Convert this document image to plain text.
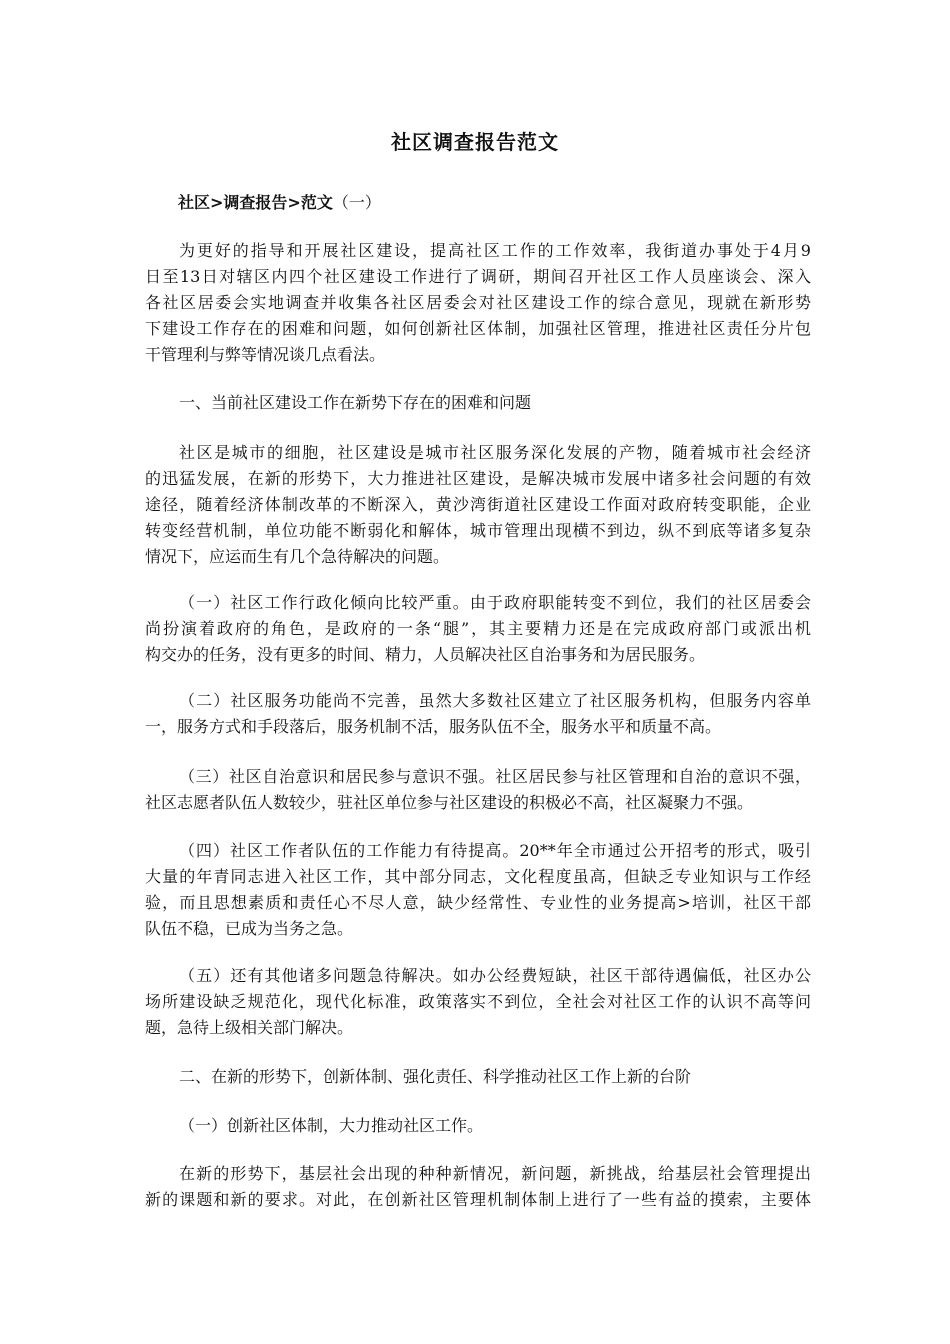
社区调查报告范文
社区>调查报告>范文（一）
为更好的指导和开展社区建设，提高社区工作的工作效率，我街道办事处于4月9
日至13日对辖区内四个社区建设工作进行了调研，期间召开社区工作人员座谈会、深入
各社区居委会实地调查并收集各社区居委会对社区建设工作的综合意见，现就在新形势
下建设工作存在的困难和问题，如何创新社区体制，加强社区管理，推进社区责任分片包
干管理利与弊等情况谈几点看法。
一、当前社区建设工作在新势下存在的困难和问题
社区是城市的细胞，社区建设是城市社区服务深化发展的产物，随着城市社会经济
的迅猛发展，在新的形势下，大力推进社区建设，是解决城市发展中诸多社会问题的有效
途径，随着经济体制改革的不断深入，黄沙湾街道社区建设工作面对政府转变职能，企业
转变经营机制，单位功能不断弱化和解体，城市管理出现横不到边，纵不到底等诸多复杂
情况下，应运而生有几个急待解决的问题。
（一）社区工作行政化倾向比较严重。由于政府职能转变不到位，我们的社区居委会
尚扮演着政府的角色，是政府的一条“腿”，其主要精力还是在完成政府部门或派出机
构交办的任务，没有更多的时间、精力，人员解决社区自治事务和为居民服务。
（二）社区服务功能尚不完善，虽然大多数社区建立了社区服务机构，但服务内容单
一，服务方式和手段落后，服务机制不活，服务队伍不全，服务水平和质量不高。
（三）社区自治意识和居民参与意识不强。社区居民参与社区管理和自治的意识不强，
社区志愿者队伍人数较少，驻社区单位参与社区建设的积极必不高，社区凝聚力不强。
（四）社区工作者队伍的工作能力有待提高。20**年全市通过公开招考的形式，吸引
大量的年青同志进入社区工作，其中部分同志，文化程度虽高，但缺乏专业知识与工作经
验，而且思想素质和责任心不尽人意，缺少经常性、专业性的业务提高>培训，社区干部
队伍不稳，已成为当务之急。
（五）还有其他诸多问题急待解决。如办公经费短缺，社区干部待遇偏低，社区办公
场所建设缺乏规范化，现代化标准，政策落实不到位，全社会对社区工作的认识不高等问
题，急待上级相关部门解决。
二、在新的形势下，创新体制、强化责任、科学推动社区工作上新的台阶
（一）创新社区体制，大力推动社区工作。
在新的形势下，基层社会出现的种种新情况，新问题，新挑战，给基层社会管理提出
新的课题和新的要求。对此，在创新社区管理机制体制上进行了一些有益的摸索，主要体
